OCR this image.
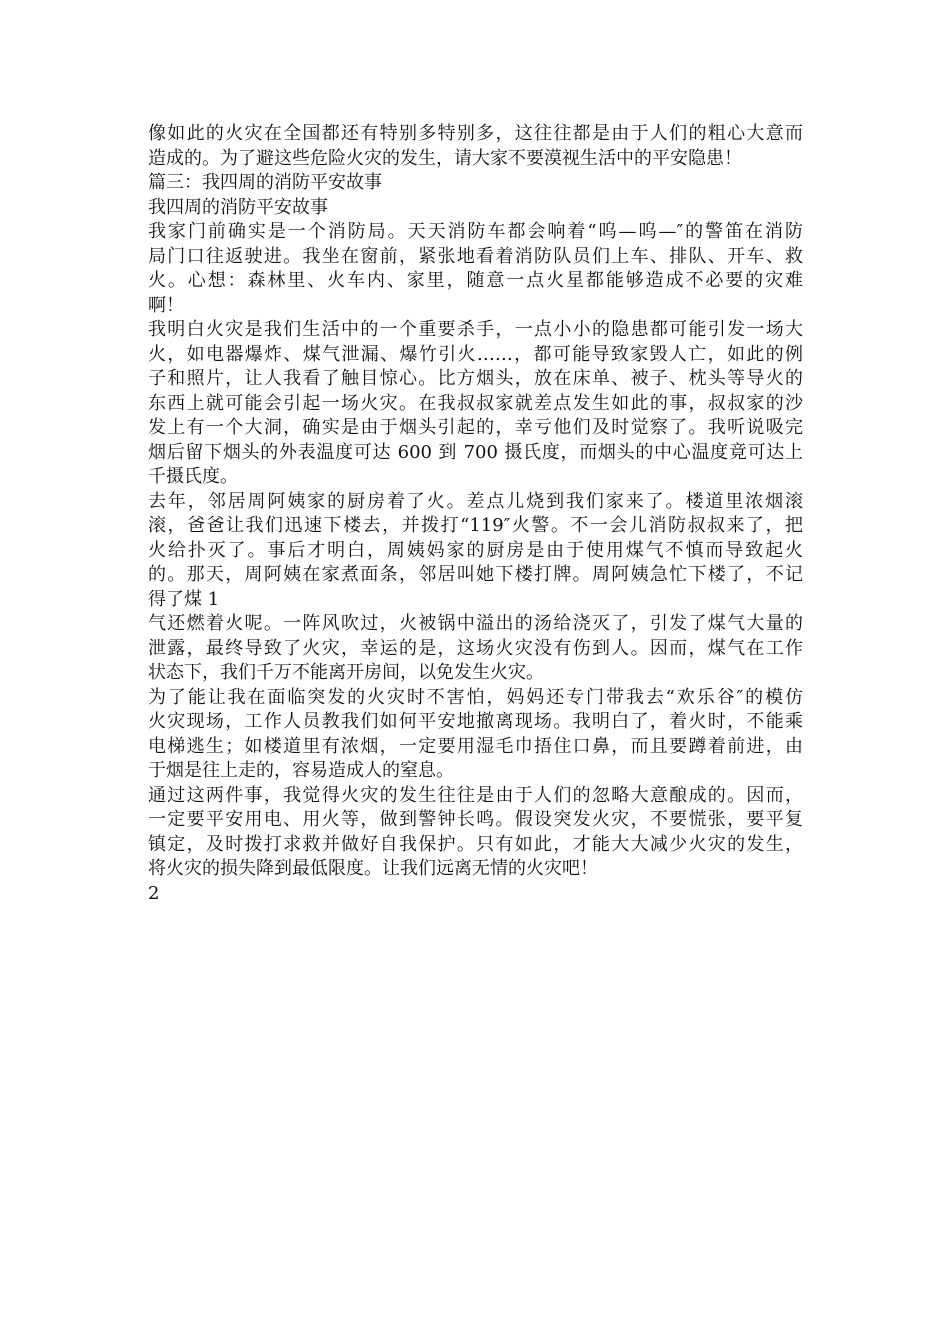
像如此的火灾在全国都还有特别多特别多，这往往都是由于人们的粗心大意而
造成的。为了避这些危险火灾的发生，请大家不要漠视生活中的平安隐患！
篇三：我四周的消防平安故事
我四周的消防平安故事
我家门前确实是一个消防局。天天消防车都会响着“呜—呜—″的警笛在消防
局门口往返驶进。我坐在窗前，紧张地看着消防队员们上车、排队、开车、救
火。心想：森林里、火车内、家里，随意一点火星都能够造成不必要的灾难
啊！
我明白火灾是我们生活中的一个重要杀手，一点小小的隐患都可能引发一场大
火，如电器爆炸、煤气泄漏、爆竹引火……，都可能导致家毁人亡，如此的例
子和照片，让人我看了触目惊心。比方烟头，放在床单、被子、枕头等导火的
东西上就可能会引起一场火灾。在我叔叔家就差点发生如此的事，叔叔家的沙
发上有一个大洞，确实是由于烟头引起的，幸亏他们及时觉察了。我听说吸完
烟后留下烟头的外表温度可达 600 到 700 摄氏度，而烟头的中心温度竟可达上
千摄氏度。
去年，邻居周阿姨家的厨房着了火。差点儿烧到我们家来了。楼道里浓烟滚
滚，爸爸让我们迅速下楼去，并拨打“119″火警。不一会儿消防叔叔来了，把
火给扑灭了。事后才明白，周姨妈家的厨房是由于使用煤气不慎而导致起火
的。那天，周阿姨在家煮面条，邻居叫她下楼打牌。周阿姨急忙下楼了，不记
得了煤 1
气还燃着火呢。一阵风吹过，火被锅中溢出的汤给浇灭了，引发了煤气大量的
泄露，最终导致了火灾，幸运的是，这场火灾没有伤到人。因而，煤气在工作
状态下，我们千万不能离开房间，以免发生火灾。
为了能让我在面临突发的火灾时不害怕，妈妈还专门带我去“欢乐谷″的模仿
火灾现场，工作人员教我们如何平安地撤离现场。我明白了，着火时，不能乘
电梯逃生；如楼道里有浓烟，一定要用湿毛巾捂住口鼻，而且要蹲着前进，由
于烟是往上走的，容易造成人的窒息。
通过这两件事，我觉得火灾的发生往往是由于人们的忽略大意酿成的。因而，
一定要平安用电、用火等，做到警钟长鸣。假设突发火灾，不要慌张，要平复
镇定，及时拨打求救并做好自我保护。只有如此，才能大大减少火灾的发生，
将火灾的损失降到最低限度。让我们远离无情的火灾吧！
2
